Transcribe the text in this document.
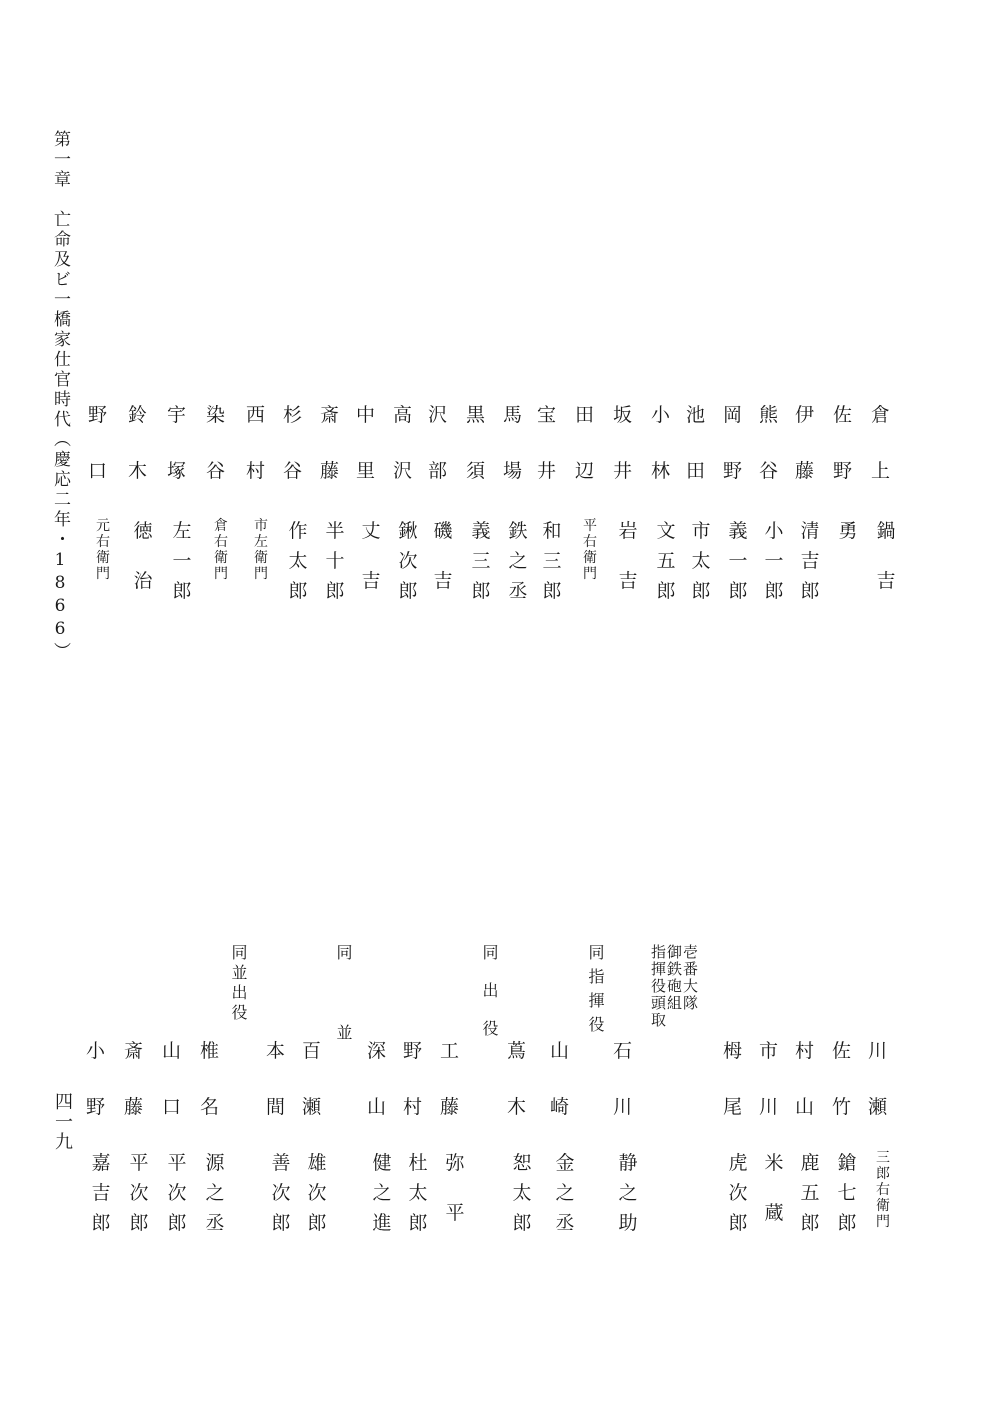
第一章　亡命及ビ一橋家仕官時代（慶応二年・1866）
四一九
倉
上
鍋
吉
佐
野
勇
伊
藤
清
吉
郎
熊
谷
小
一
郎
岡
野
義
一
郎
池
田
市
太
郎
小
林
文
五
郎
坂
井
岩
吉
田
辺
平
右
衛
門
宝
井
和
三
郎
馬
場
鉄
之
丞
黒
須
義
三
郎
沢
部
磯
吉
高
沢
鍬
次
郎
中
里
丈
吉
斎
藤
半
十
郎
杉
谷
作
太
郎
西
村
市
左
衛
門
染
谷
倉
右
衛
門
宇
塚
左
一
郎
鈴
木
徳
治
野
口
元
右
衛
門
川
瀬
三
郎
右
衛
門
佐
竹
鎗
七
郎
村
山
鹿
五
郎
市
川
米
蔵
栂
尾
虎
次
郎
石
川
静
之
助
山
崎
金
之
丞
蔦
木
恕
太
郎
工
藤
弥
平
野
村
杜
太
郎
深
山
健
之
進
百
瀬
雄
次
郎
本
間
善
次
郎
椎
名
源
之
丞
山
口
平
次
郎
斎
藤
平
次
郎
小
野
嘉
吉
郎
壱番大隊
御鉄砲組
指揮役頭取
同指揮役
同出役
同　並
同並出役
